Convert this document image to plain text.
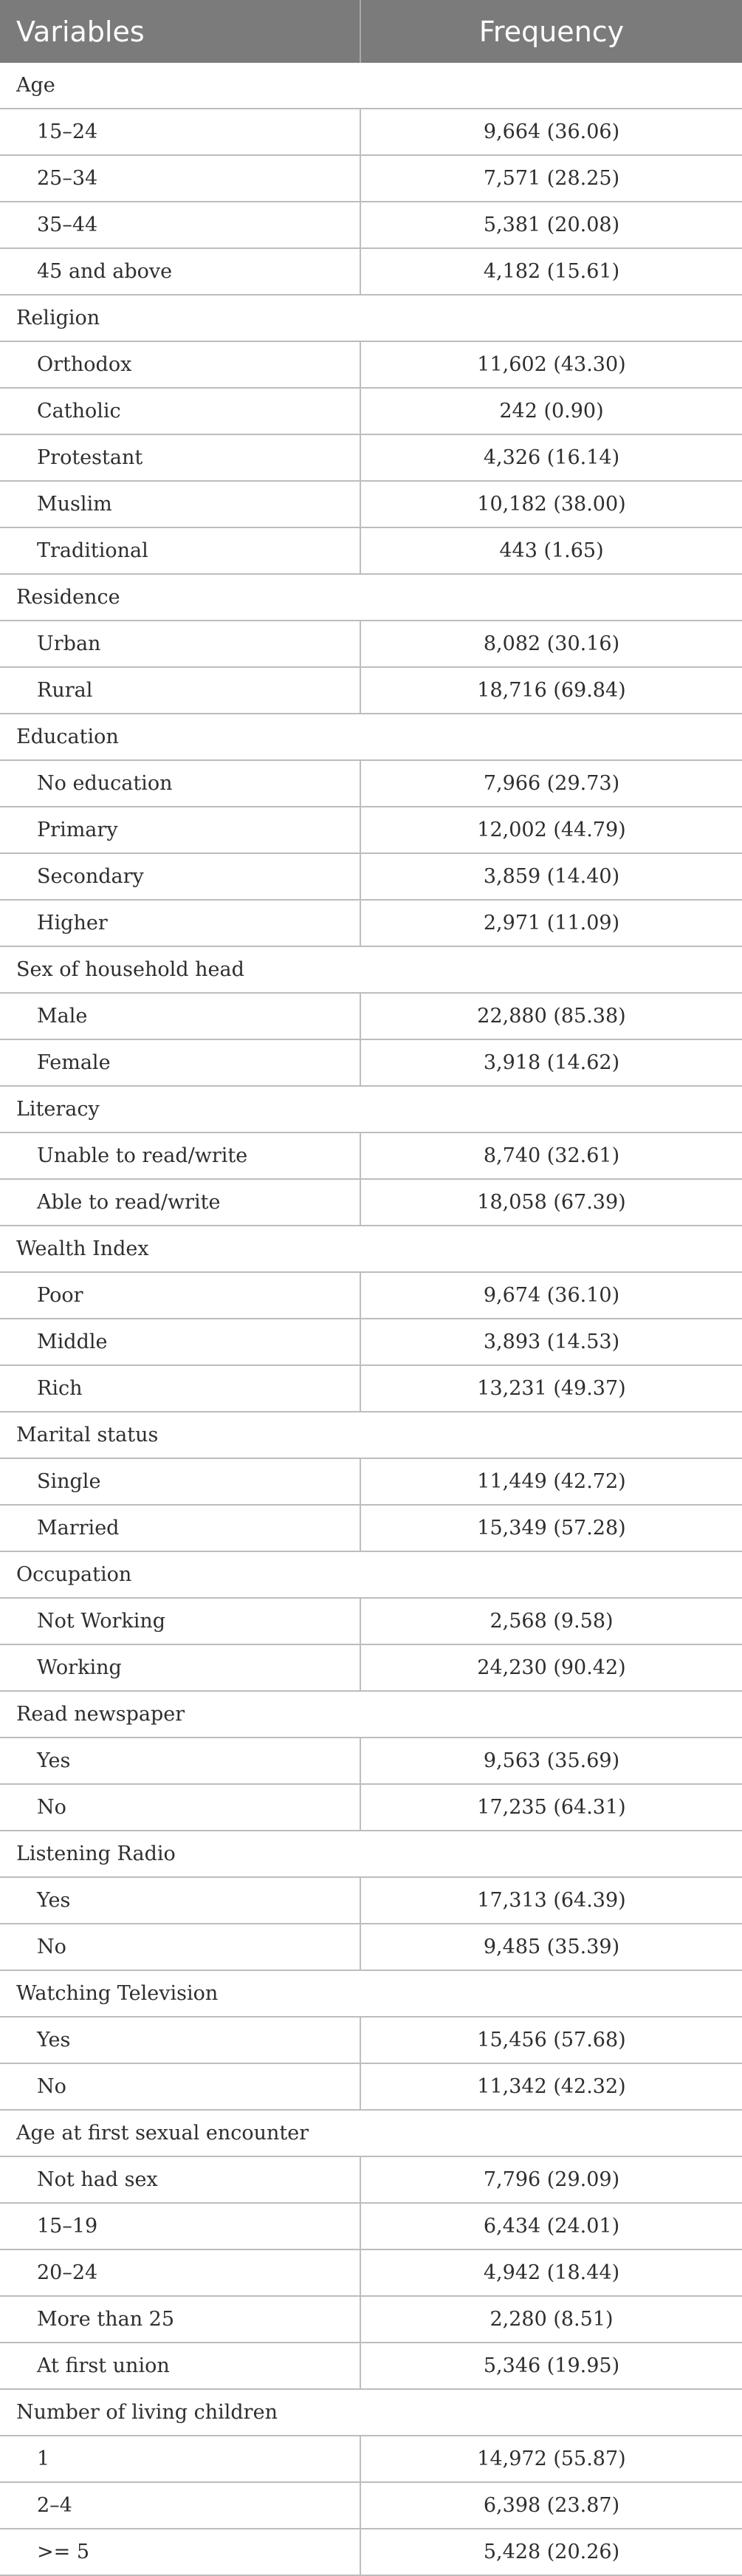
Variables	Frequency
Age	
15–24	9,664 (36.06)
25–34	7,571 (28.25)
35–44	5,381 (20.08)
45 and above	4,182 (15.61)
Religion	
Orthodox	11,602 (43.30)
Catholic	242 (0.90)
Protestant	4,326 (16.14)
Muslim	10,182 (38.00)
Traditional	443 (1.65)
Residence	
Urban	8,082 (30.16)
Rural	18,716 (69.84)
Education	
No education	7,966 (29.73)
Primary	12,002 (44.79)
Secondary	3,859 (14.40)
Higher	2,971 (11.09)
Sex of household head	
Male	22,880 (85.38)
Female	3,918 (14.62)
Literacy	
Unable to read/write	8,740 (32.61)
Able to read/write	18,058 (67.39)
Wealth Index	
Poor	9,674 (36.10)
Middle	3,893 (14.53)
Rich	13,231 (49.37)
Marital status	
Single	11,449 (42.72)
Married	15,349 (57.28)
Occupation	
Not Working	2,568 (9.58)
Working	24,230 (90.42)
Read newspaper	
Yes	9,563 (35.69)
No	17,235 (64.31)
Listening Radio	
Yes	17,313 (64.39)
No	9,485 (35.39)
Watching Television	
Yes	15,456 (57.68)
No	11,342 (42.32)
Age at first sexual encounter	
Not had sex	7,796 (29.09)
15–19	6,434 (24.01)
20–24	4,942 (18.44)
More than 25	2,280 (8.51)
At first union	5,346 (19.95)
Number of living children	
1	14,972 (55.87)
2–4	6,398 (23.87)
>= 5	5,428 (20.26)
